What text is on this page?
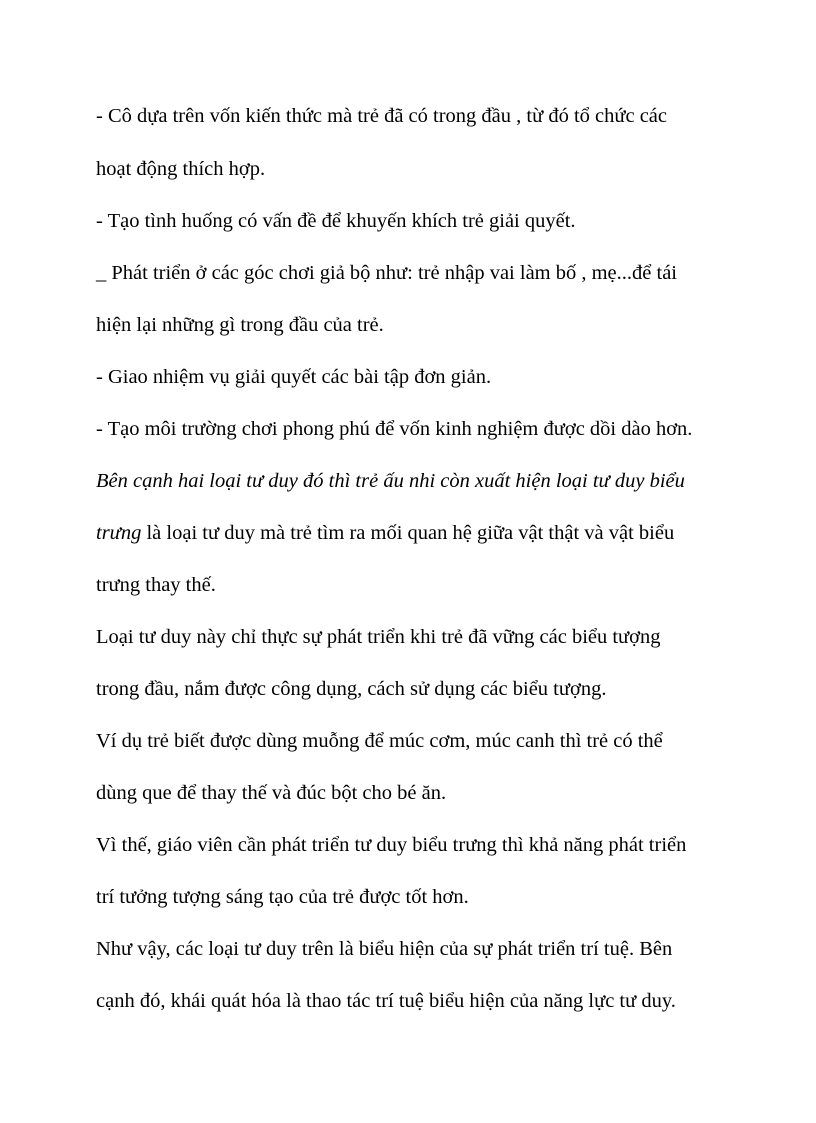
- Cô dựa trên vốn kiến thức mà trẻ đã có trong đầu , từ đó tổ chức các
hoạt động thích hợp.
- Tạo tình huống có vấn đề để khuyến khích trẻ giải quyết.
_ Phát triển ở các góc chơi giả bộ như: trẻ nhập vai làm bố , mẹ...để tái
hiện lại những gì trong đầu của trẻ.
- Giao nhiệm vụ giải quyết các bài tập đơn giản.
- Tạo môi trường chơi phong phú để vốn kinh nghiệm được dồi dào hơn.
Bên cạnh hai loại tư duy đó thì trẻ ấu nhi còn xuất hiện loại tư duy biểu
trưng là loại tư duy mà trẻ tìm ra mối quan hệ giữa vật thật và vật biểu
trưng thay thế.
Loại tư duy này chỉ thực sự phát triển khi trẻ đã vững các biểu tượng
trong đầu, nắm được công dụng, cách sử dụng các biểu tượng.
Ví dụ trẻ biết được dùng muỗng để múc cơm, múc canh thì trẻ có thể
dùng que để thay thế và đúc bột cho bé ăn.
Vì thế, giáo viên cần phát triển tư duy biểu trưng thì khả năng phát triển
trí tưởng tượng sáng tạo của trẻ được tốt hơn.
Như vậy, các loại tư duy trên là biểu hiện của sự phát triển trí tuệ. Bên
cạnh đó, khái quát hóa là thao tác trí tuệ biểu hiện của năng lực tư duy.
